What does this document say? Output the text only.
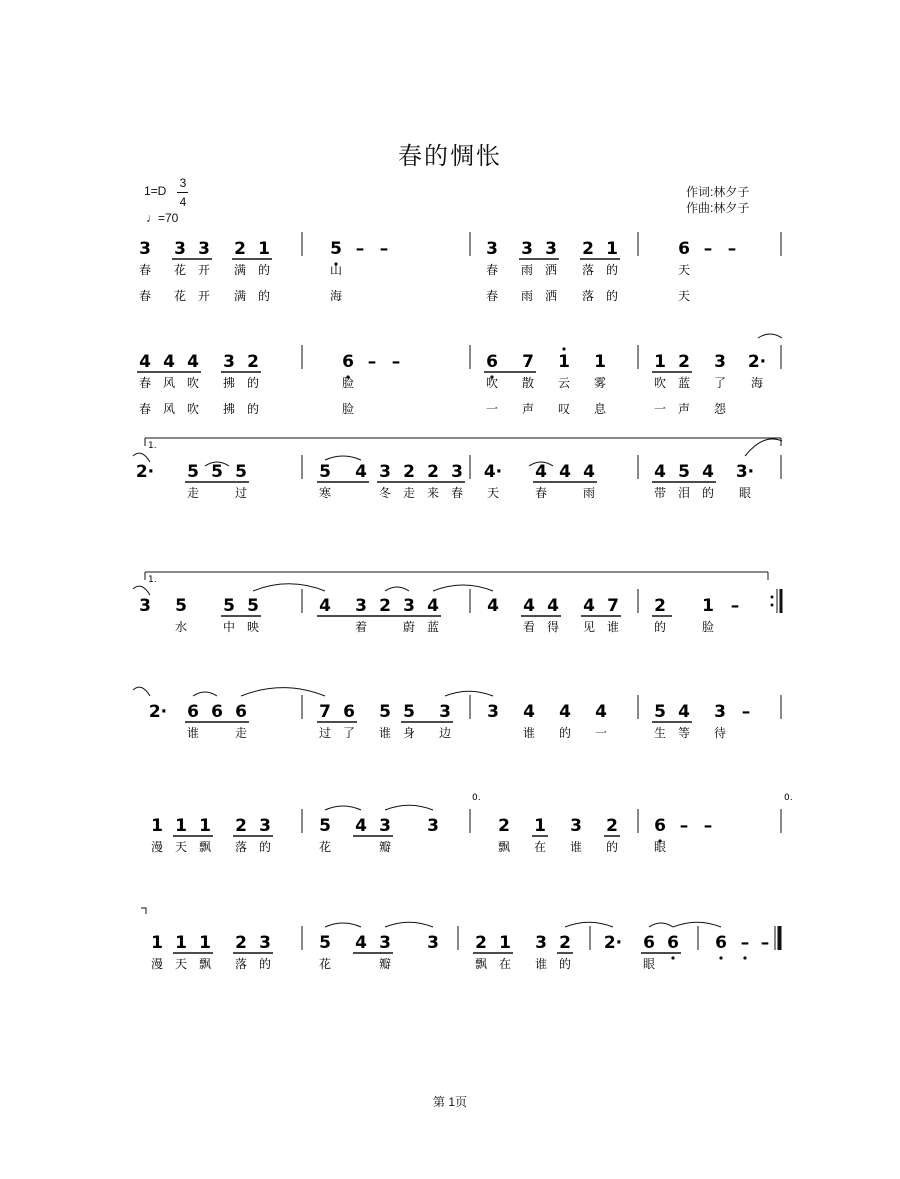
春的惆怅
1=D
3
4
♩=70
作词:林夕子
作曲:林夕子
3 3 3 2 1	5 – –	3 3 3 2 1	6 – –
春 花 开 满 的	山	春 雨 洒 落 的	天
春 花 开 满 的	海	春 雨 洒 落 的	天
4 4 4 3 2	6 – –	6 7 1 1	1 2 3 2·
春 风 吹 拂 的	脸	吹 散 云 雾	吹 蓝 了 海
春 风 吹 拂 的	脸	一 声 叹 息	一 声 怨
2· 5 5 5	5 4 3 2 2 3 4· 4 4 4	4 5 4 3·
走	过	寒	冬 走 来 春 天	春	雨	带 泪 的 眼
3 5 5 5	4 3 2 3 4	4 4 4 4 7 2 1 –
水	中 映	着	蔚 蓝	看 得 见 谁	的	脸
2· 6 6 6	7 6 5 5 3 3 4 4 4	5 4 3 –
谁	走	过 了 谁 身 边	谁 的 一	生 等 待
1 1 1 2 3	5 4 3 3	2 1 3 2 6 – –
漫 天 飘 落 的	花	瓣	飘 在 谁 的	眼
1 1 1 2 3	5 4 3 3 2 1 3 2 2· 6 6 6 – –
漫 天 飘 落 的	花	瓣	飘 在 谁 的	眼
1.
1.
0.	0.
第 1页
